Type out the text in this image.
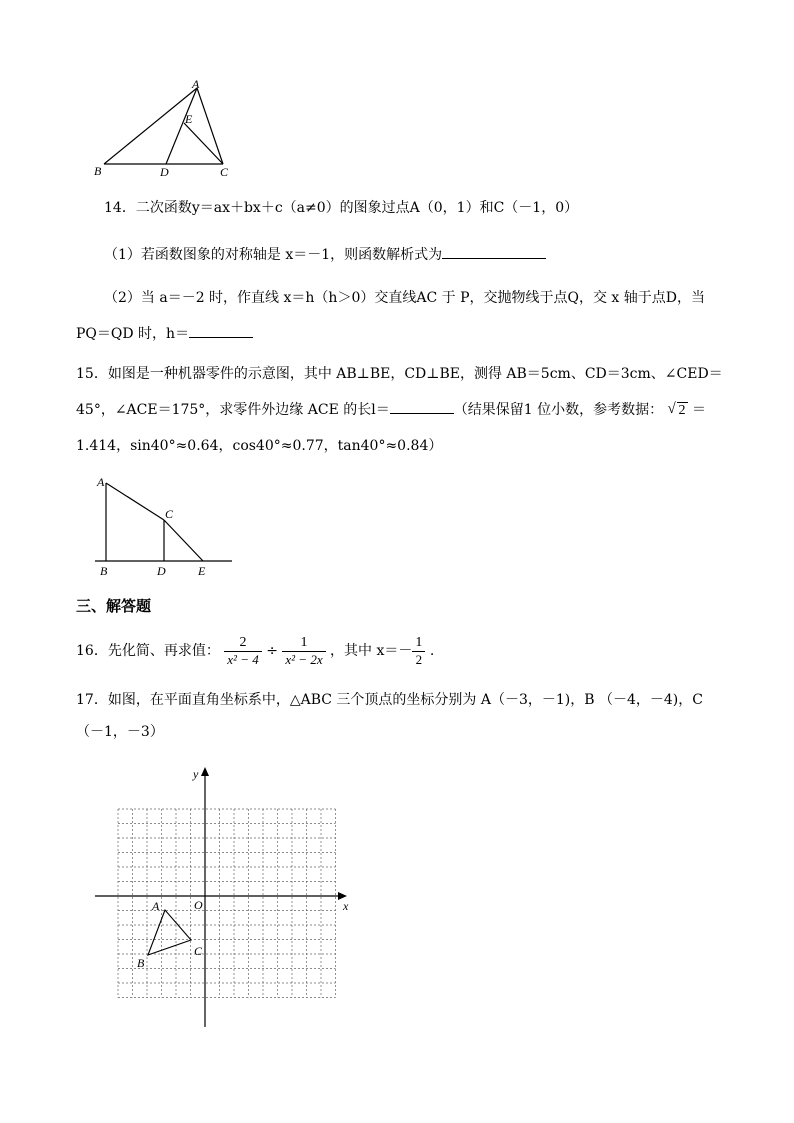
A
E
B	D	C
14．二次函数y＝ax＋bx＋c（a≠0）的图象过点A（0，1）和C（－1，0）
（1）若函数图象的对称轴是 x＝－1，则函数解析式为
（2）当 a＝－2 时，作直线 x＝h（h＞0）交直线AC 于 P，交抛物线于点Q，交 x 轴于点D，当
PQ＝QD 时，h＝
15．如图是一种机器零件的示意图，其中 AB⊥BE，CD⊥BE，测得 AB＝5cm、CD＝3cm、∠CED＝
45°，∠ACE＝175°，求零件外边缘 ACE 的长l＝	（结果保留1 位小数，参考数据： √ 2 ＝
1.414，sin40°≈0.64，cos40°≈0.77，tan40°≈0.84）
A
C
B	D	E
三、解答题
16．先化简、再求值： $\frac{2}{\text{x² − 4}} \div \frac{1}{\text{x² − 2x}}$ ，其中 $x=- \frac{1}{2}$ .
17．如图，在平面直角坐标系中，△ABC 三个顶点的坐标分别为 A（－3，－1)，B （－4，－4)，C
（－1，－3）
y
x
O
A
B
C
